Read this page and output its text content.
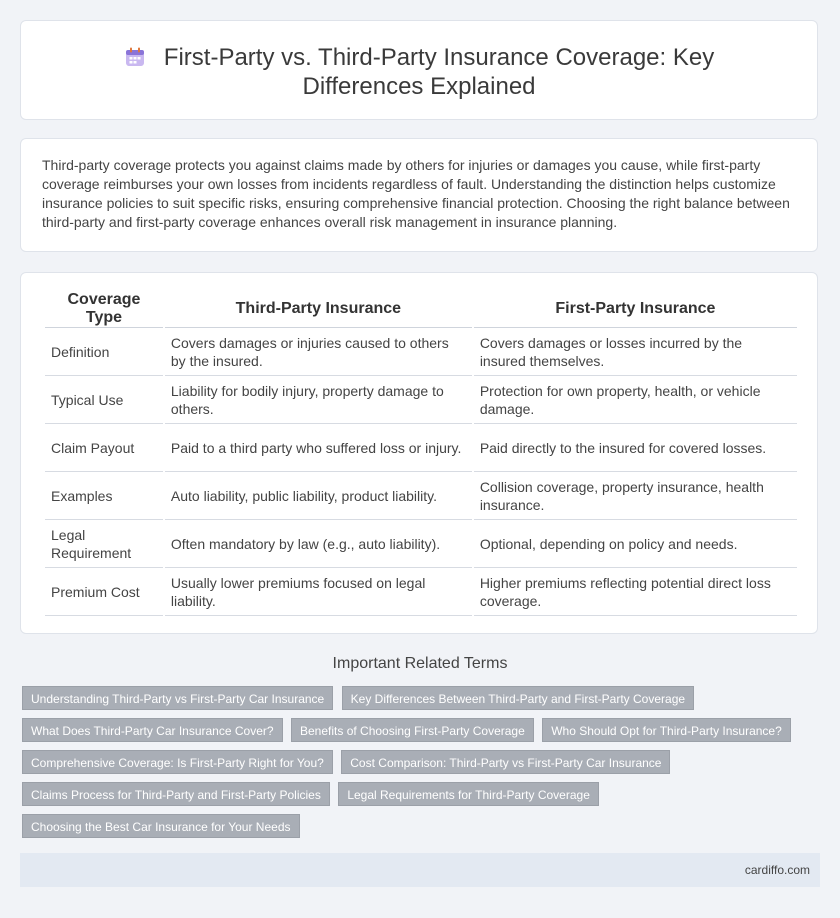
First-Party vs. Third-Party Insurance Coverage: Key Differences Explained
Third-party coverage protects you against claims made by others for injuries or damages you cause, while first-party coverage reimburses your own losses from incidents regardless of fault. Understanding the distinction helps customize insurance policies to suit specific risks, ensuring comprehensive financial protection. Choosing the right balance between third-party and first-party coverage enhances overall risk management in insurance planning.
Coverage Type	Third-Party Insurance	First-Party Insurance
Definition	Covers damages or injuries caused to others by the insured.	Covers damages or losses incurred by the insured themselves.
Typical Use	Liability for bodily injury, property damage to others.	Protection for own property, health, or vehicle damage.
Claim Payout	Paid to a third party who suffered loss or injury.	Paid directly to the insured for covered losses.
Examples	Auto liability, public liability, product liability.	Collision coverage, property insurance, health insurance.
Legal Requirement	Often mandatory by law (e.g., auto liability).	Optional, depending on policy and needs.
Premium Cost	Usually lower premiums focused on legal liability.	Higher premiums reflecting potential direct loss coverage.
Important Related Terms
Understanding Third-Party vs First-Party Car Insurance Key Differences Between Third-Party and First-Party Coverage
What Does Third-Party Car Insurance Cover? Benefits of Choosing First-Party Coverage Who Should Opt for Third-Party Insurance?
Comprehensive Coverage: Is First-Party Right for You? Cost Comparison: Third-Party vs First-Party Car Insurance
Claims Process for Third-Party and First-Party Policies Legal Requirements for Third-Party Coverage
Choosing the Best Car Insurance for Your Needs
cardiffo.com
